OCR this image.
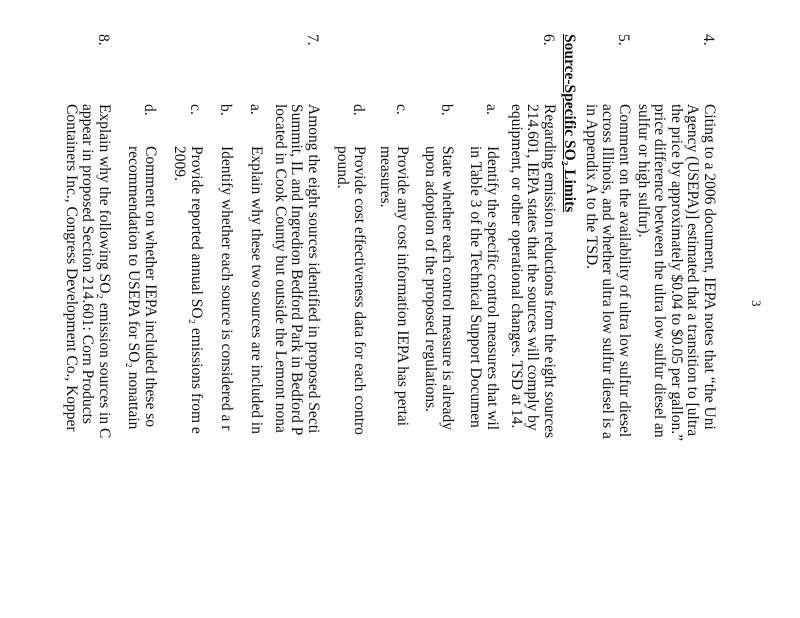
3
4.

Citing to a 2006 document, IEPA notes that “the Uni

Agency (USEPA)] estimated that a transition to [ultra

the price by approximately $0.04 to $0.05 per gallon.”

price difference between the ultra low sulfur diesel an

sulfur or high sulfur).

5.

Comment on the availability of ultra low sulfur diesel

across Illinois, and whether ultra low sulfur diesel is a

in Appendix A to the TSD.

Source-Specific SO₂ Limits
6.

Regarding emission reductions from the eight sources

214.601, IEPA states that the sources will comply by

equipment, or other operational changes. TSD at 14.

a.

Identify the specific control measures that wil

in Table 3 of the Technical Support Documen

b.

State whether each control measure is already

upon adoption of the proposed regulations.

c.

Provide any cost information IEPA has pertai

measures.

d.

Provide cost effectiveness data for each contro

pound.

7.

Among the eight sources identified in proposed Secti

Summit, IL and Ingredion Bedford Park in Bedford P

located in Cook County but outside the Lemont nona

a.

Explain why these two sources are included in

b.

Identify whether each source is considered a r

c.

Provide reported annual SO₂ emissions from e

2009.

d.

Comment on whether IEPA included these so

recommendation to USEPA for SO₂ nonattain

8.

Explain why the following SO₂ emission sources in C

appear in proposed Section 214.601: Corn Products

Containers Inc., Congress Development Co., Kopper
